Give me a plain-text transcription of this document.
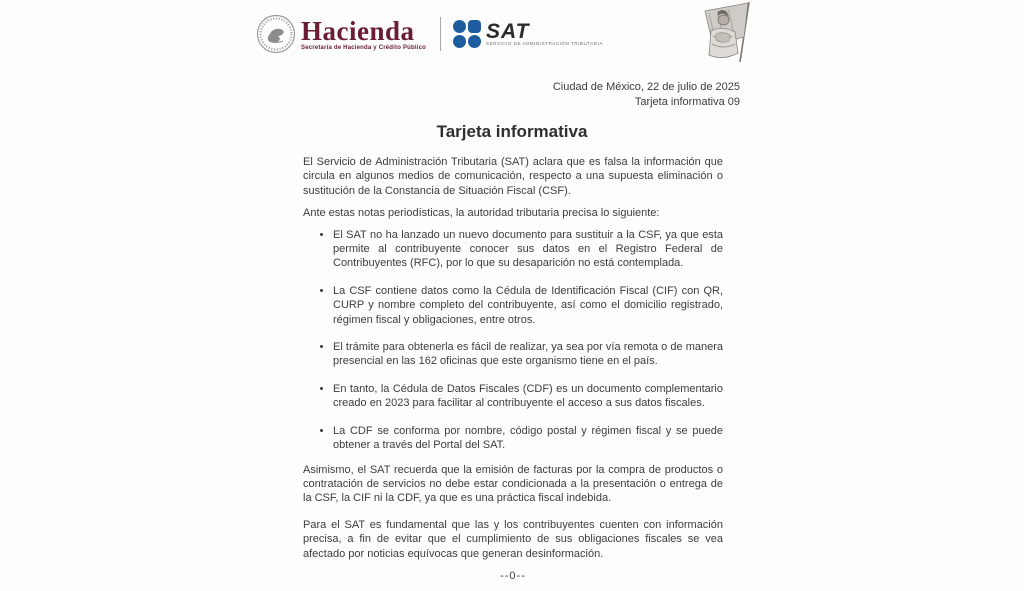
Hacienda
Secretaría de Hacienda y Crédito Público
SAT
SERVICIO DE ADMINISTRACIÓN TRIBUTARIA
Ciudad de México, 22 de julio de 2025
Tarjeta informativa 09
Tarjeta informativa

El Servicio de Administración Tributaria (SAT) aclara que es falsa la información que circula en algunos medios de comunicación, respecto a una supuesta eliminación o sustitución de la Constancia de Situación Fiscal (CSF).

Ante estas notas periodísticas, la autoridad tributaria precisa lo siguiente:

• El SAT no ha lanzado un nuevo documento para sustituir a la CSF, ya que esta permite al contribuyente conocer sus datos en el Registro Federal de Contribuyentes (RFC), por lo que su desaparición no está contemplada.
• La CSF contiene datos como la Cédula de Identificación Fiscal (CIF) con QR, CURP y nombre completo del contribuyente, así como el domicilio registrado, régimen fiscal y obligaciones, entre otros.
• El trámite para obtenerla es fácil de realizar, ya sea por vía remota o de manera presencial en las 162 oficinas que este organismo tiene en el país.
• En tanto, la Cédula de Datos Fiscales (CDF) es un documento complementario creado en 2023 para facilitar al contribuyente el acceso a sus datos fiscales.
• La CDF se conforma por nombre, código postal y régimen fiscal y se puede obtener a través del Portal del SAT.

Asimismo, el SAT recuerda que la emisión de facturas por la compra de productos o contratación de servicios no debe estar condicionada a la presentación o entrega de la CSF, la CIF ni la CDF, ya que es una práctica fiscal indebida.

Para el SAT es fundamental que las y los contribuyentes cuenten con información precisa, a fin de evitar que el cumplimiento de sus obligaciones fiscales se vea afectado por noticias equívocas que generan desinformación.

--0--
